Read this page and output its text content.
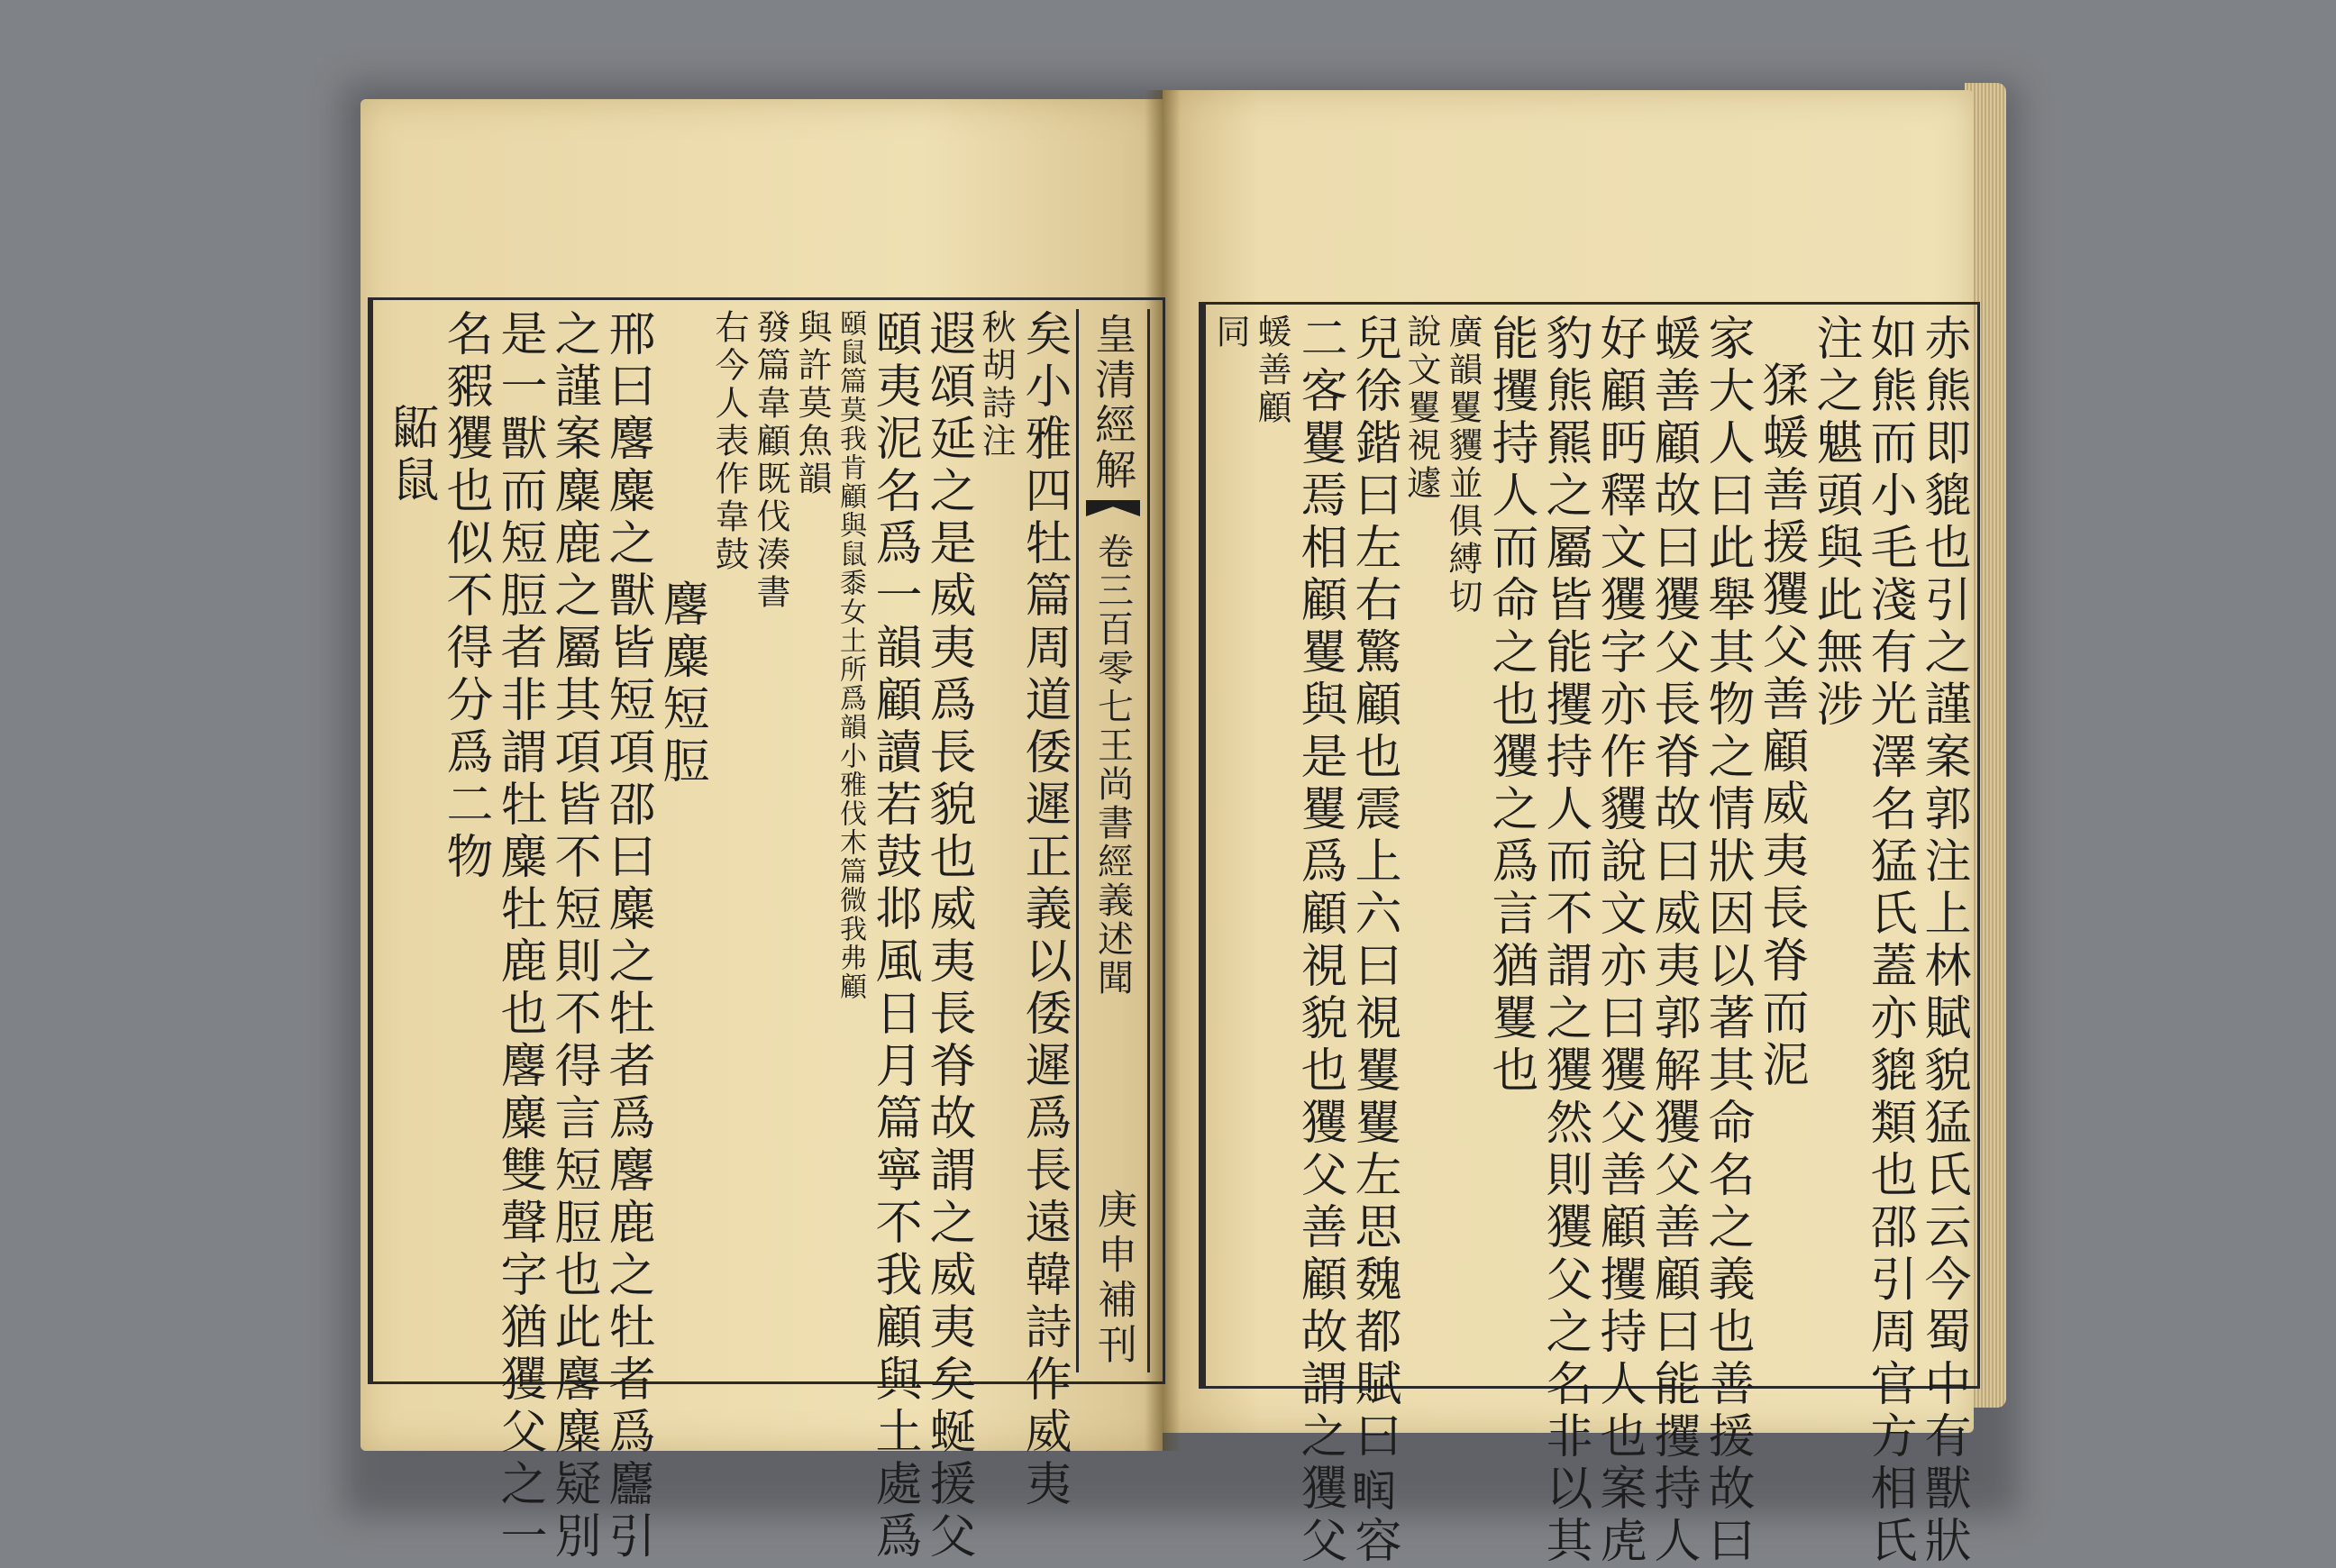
皇清經解
卷三百零七王尚書經義述聞
庚申補刊
矣小雅四牡篇周道倭遲正義以倭遲爲長遠韓詩作威夷
秋胡詩注
遐頌延之是威夷爲長貌也威夷長脊故謂之威夷矣蜒援父
頤夷泥名爲一韻顧讀若鼓邶風日月篇寧不我顧與土處爲
頤鼠篇莫我肯顧與鼠黍女土所爲韻小雅伐木篇微我弗顧
與許莫魚韻
發篇韋顧既伐湊書
右今人表作韋鼓
麐麋短脰
邢曰麐麋之獸皆短項邵曰麋之牡者爲麐鹿之牡者爲麢引
之謹案麋鹿之屬其項皆不短則不得言短脰也此麐麋疑別
是一獸而短脰者非謂牡麋牡鹿也麐麋雙聲字猶玃父之一
名豭玃也似不得分爲二物
鼫鼠	赤熊即貔也引之謹案郭注上林賦貌猛氏云今蜀中有獸狀
如熊而小毛淺有光澤名猛氏蓋亦貔類也邵引周官方相氏
注之魌頭與此無涉
猱蝯善援玃父善顧威夷長脊而泥
家大人曰此舉其物之情狀因以著其命名之義也善援故曰
蝯善顧故曰玃父長脊故曰威夷郭解玃父善顧曰能攫持人
好顧眄釋文玃字亦作貜說文亦曰玃父善顧攫持人也案虎
豹熊羆之屬皆能攫持人而不謂之玃然則玃父之名非以其
能攫持人而命之也玃之爲言猶矍也
廣韻矍貜並俱縛切
說文矍視遽
兒徐鍇曰左右驚顧也震上六曰視矍矍左思魏都賦曰𥆧容
二客矍焉相顧矍與是矍爲顧視貌也玃父善顧故謂之玃父
蝯善顧
同
